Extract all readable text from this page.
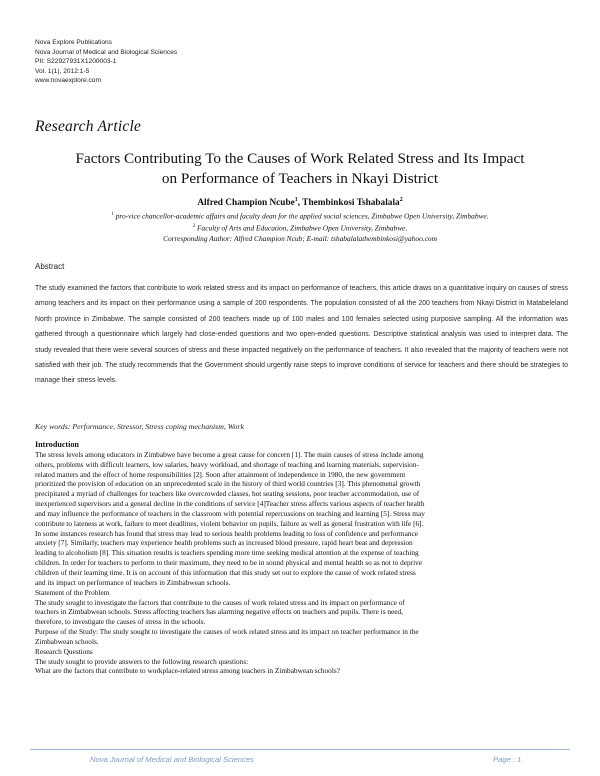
Nova Explore Publications
Nova Journal of Medical and Biological Sciences
PII: S22927931X1200003-1
Vol. 1(1), 2012:1-5
www.novaexplore.com
Research Article
Factors Contributing To the Causes of Work Related Stress and Its Impact
on Performance of Teachers in Nkayi District
Alfred Champion Ncube$^1$, Thembinkosi Tshabalala$^2$
$^1$ pro-vice chancellor-academic affairs and faculty dean for the applied social sciences, Zimbabwe Open University, Zimbabwe.
$^2$ Faculty of Arts and Education, Zimbabwe Open University, Zimbabwe.
Corresponding Author: Alfred Champion Ncub; E-mail: tshabalalathembinkosi@yahoo.com
Abstract
The study examined the factors that contribute to work related stress and its impact on performance of teachers, this article draws on a quantitative inquiry on causes of stress among teachers and its impact on their performance using a sample of 200 respondents. The population consisted of all the 200 teachers from Nkayi District in Matabeleland North province in Zimbabwe. The sample consisted of 200 teachers made up of 100 males and 100 females selected using purposive sampling. All the information was gathered through a questionnaire which largely had close-ended questions and two open-ended questions. Descriptive statistical analysis was used to interpret data. The study revealed that there were several sources of stress and these impacted negatively on the performance of teachers. It also revealed that the majority of teachers were not satisfied with their job. The study recommends that the Government should urgently raise steps to improve conditions of service for teachers and there should be strategies to manage their stress levels.
Key words: Performance, Stressor, Stress coping mechanism, Work
Introduction

The stress levels among educators in Zimbabwe have become a great cause for concern [1]. The main causes of stress include among
others, problems with difficult learners, low salaries, heavy workload, and shortage of teaching and learning materials, supervision-
related matters and the effect of home responsibilities [2]. Soon after attainment of independence in 1980, the new government
prioritized the provision of education on an unprecedented scale in the history of third world countries [3]. This phenomenal growth
precipitated a myriad of challenges for teachers like overcrowded classes, hot seating sessions, poor teacher accommodation, use of
inexperienced supervisors and a general decline in the conditions of service [4]Teacher stress affects various aspects of teacher health
and may influence the performance of teachers in the classroom with potential repercussions on teaching and learning [5]. Stress may
contribute to lateness at work, failure to meet deadlines, violent behavior on pupils, failure as well as general frustration with life [6].
In some instances research has found that stress may lead to serious health problems leading to loss of confidence and performance
anxiety [7]. Similarly, teachers may experience health problems such as increased blood pressure, rapid heart beat and depression
leading to alcoholism [8]. This situation results is teachers spending more time seeking medical attention at the expense of teaching
children. In order for teachers to perform to their maximum, they need to be in sound physical and mental health so as not to deprive
children of their learning time. It is on account of this information that this study set out to explore the cause of work related stress
and its impact on performance of teachers in Zimbabwean schools.

Statement of the Problem

The study sought to investigate the factors that contribute to the causes of work related stress and its impact on performance of
teachers in Zimbabwean schools. Stress affecting teachers has alarming negative effects on teachers and pupils. There is need,
therefore, to investigate the causes of stress in the schools.

Purpose of the Study: The study sought to investigate the causes of work related stress and its impact on teacher performance in the
Zimbabwean schools.

Research Questions

The study sought to provide answers to the following research questions:
What are the factors that contribute to workplace-related stress among teachers in Zimbabwean schools?

Nova Journal of Medical and Biological Sciences	Page : 1
